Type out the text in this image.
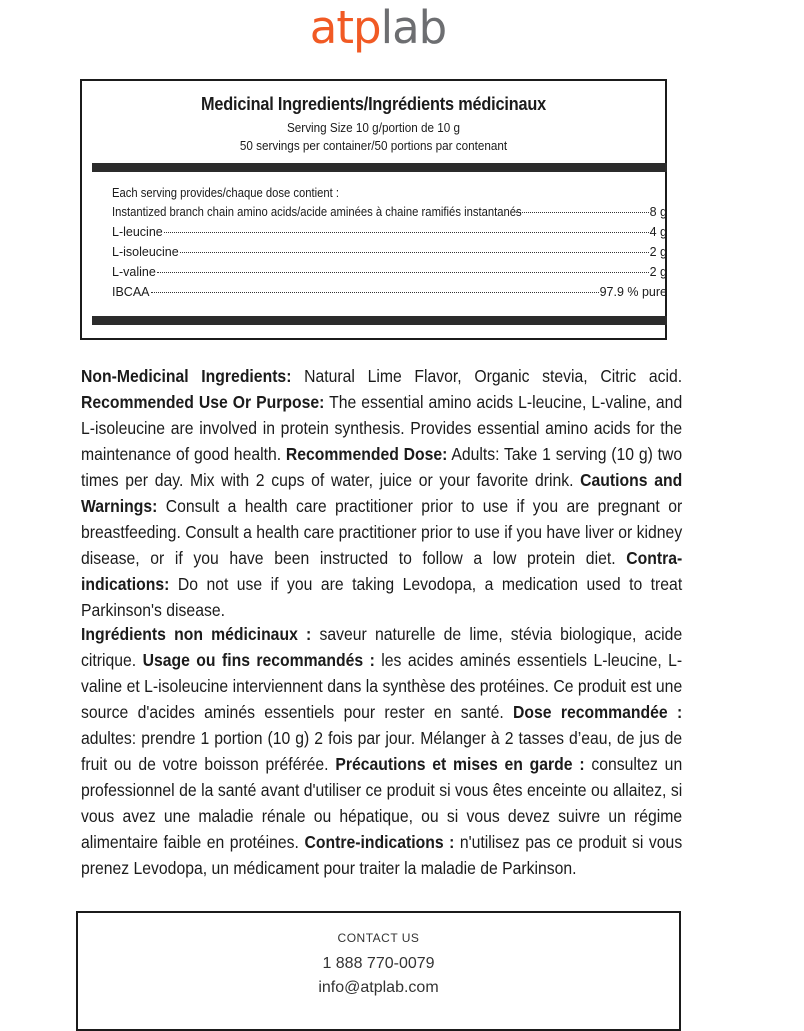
atplab
Medicinal Ingredients/Ingrédients médicinaux
Serving Size 10 g/portion de 10 g
50 servings per container/50 portions par contenant
Each serving provides/chaque dose contient :
Instantized branch chain amino acids/acide aminées à chaine ramifiés instantanés	8 g
L-leucine	4 g
L-isoleucine	2 g
L-valine	2 g
IBCAA	97.9 % pure
Non-Medicinal Ingredients: Natural Lime Flavor, Organic stevia, Citric acid. Recommended Use Or Purpose: The essential amino acids L-leucine, L-valine, and L-isoleucine are involved in protein synthesis. Provides essential amino acids for the maintenance of good health. Recommended Dose: Adults: Take 1 serving (10 g) two times per day. Mix with 2 cups of water, juice or your favorite drink. Cautions and Warnings: Consult a health care practitioner prior to use if you are pregnant or breastfeeding. Consult a health care practitioner prior to use if you have liver or kidney disease, or if you have been instructed to follow a low protein diet. Contra-indications: Do not use if you are taking Levodopa, a medication used to treat Parkinson's disease.
Ingrédients non médicinaux : saveur naturelle de lime, stévia biologique, acide citrique. Usage ou fins recommandés : les acides aminés essentiels L-leucine, L-valine et L-isoleucine interviennent dans la synthèse des protéines. Ce produit est une source d'acides aminés essentiels pour rester en santé. Dose recommandée : adultes: prendre 1 portion (10 g) 2 fois par jour. Mélanger à 2 tasses d’eau, de jus de fruit ou de votre boisson préférée. Précautions et mises en garde : consultez un professionnel de la santé avant d'utiliser ce produit si vous êtes enceinte ou allaitez, si vous avez une maladie rénale ou hépatique, ou si vous devez suivre un régime alimentaire faible en protéines. Contre-indications : n'utilisez pas ce produit si vous prenez Levodopa, un médicament pour traiter la maladie de Parkinson.
CONTACT US
1 888 770-0079
info@atplab.com
